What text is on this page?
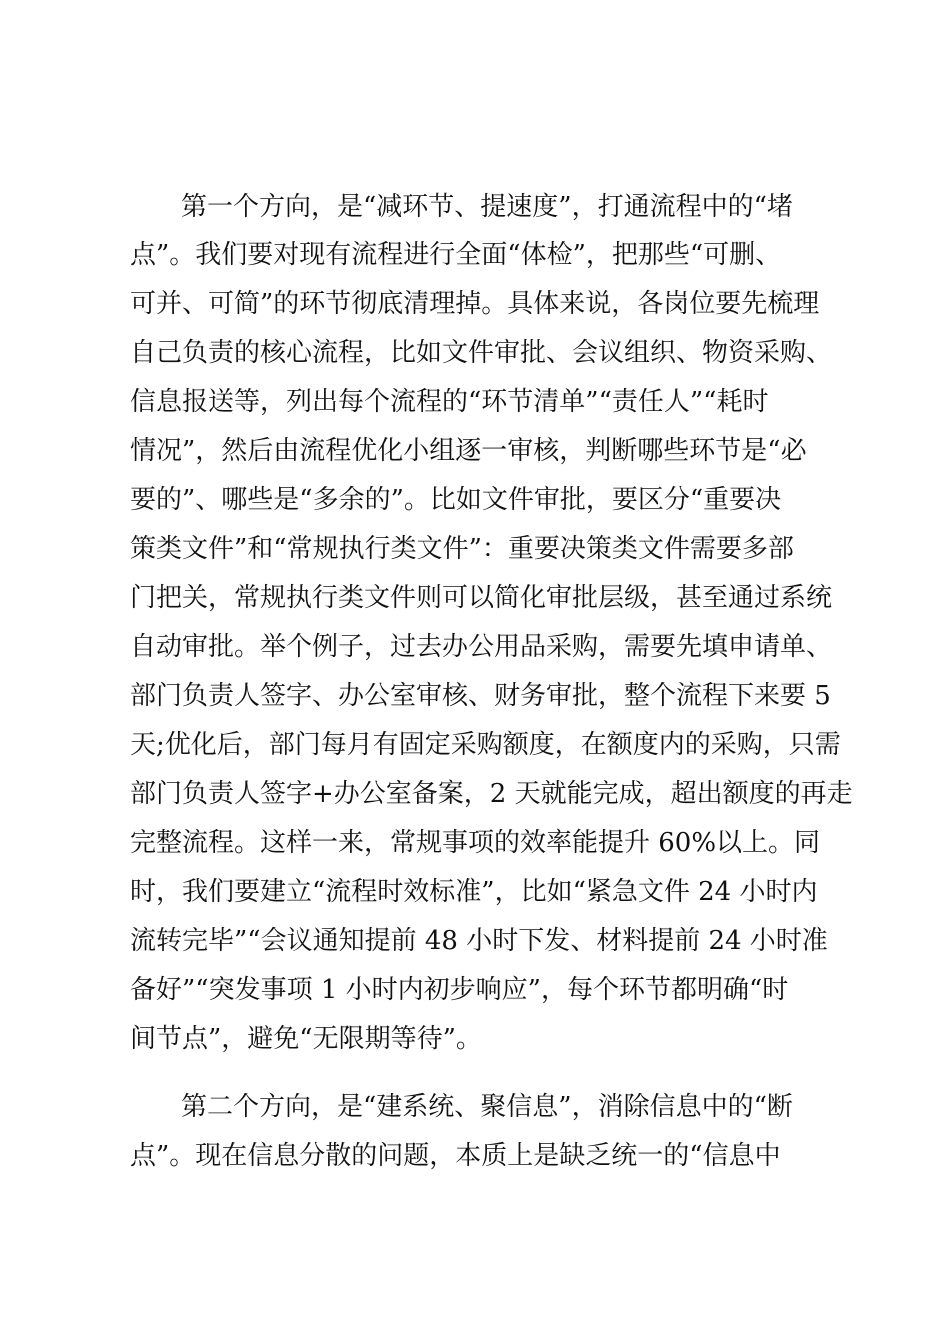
第一个方向，是“减环节、提速度”，打通流程中的“堵

点”。我们要对现有流程进行全面“体检”，把那些“可删、

可并、可简”的环节彻底清理掉。具体来说，各岗位要先梳理

自己负责的核心流程，比如文件审批、会议组织、物资采购、

信息报送等，列出每个流程的“环节清单”“责任人”“耗时

情况”，然后由流程优化小组逐一审核，判断哪些环节是“必

要的”、哪些是“多余的”。比如文件审批，要区分“重要决

策类文件”和“常规执行类文件”：重要决策类文件需要多部

门把关，常规执行类文件则可以简化审批层级，甚至通过系统

自动审批。举个例子，过去办公用品采购，需要先填申请单、

部门负责人签字、办公室审核、财务审批，整个流程下来要 5

天;优化后，部门每月有固定采购额度，在额度内的采购，只需

部门负责人签字+办公室备案，2 天就能完成，超出额度的再走

完整流程。这样一来，常规事项的效率能提升 60%以上。同

时，我们要建立“流程时效标准”，比如“紧急文件 24 小时内

流转完毕”“会议通知提前 48 小时下发、材料提前 24 小时准

备好”“突发事项 1 小时内初步响应”，每个环节都明确“时

间节点”，避免“无限期等待”。

第二个方向，是“建系统、聚信息”，消除信息中的“断

点”。现在信息分散的问题，本质上是缺乏统一的“信息中
